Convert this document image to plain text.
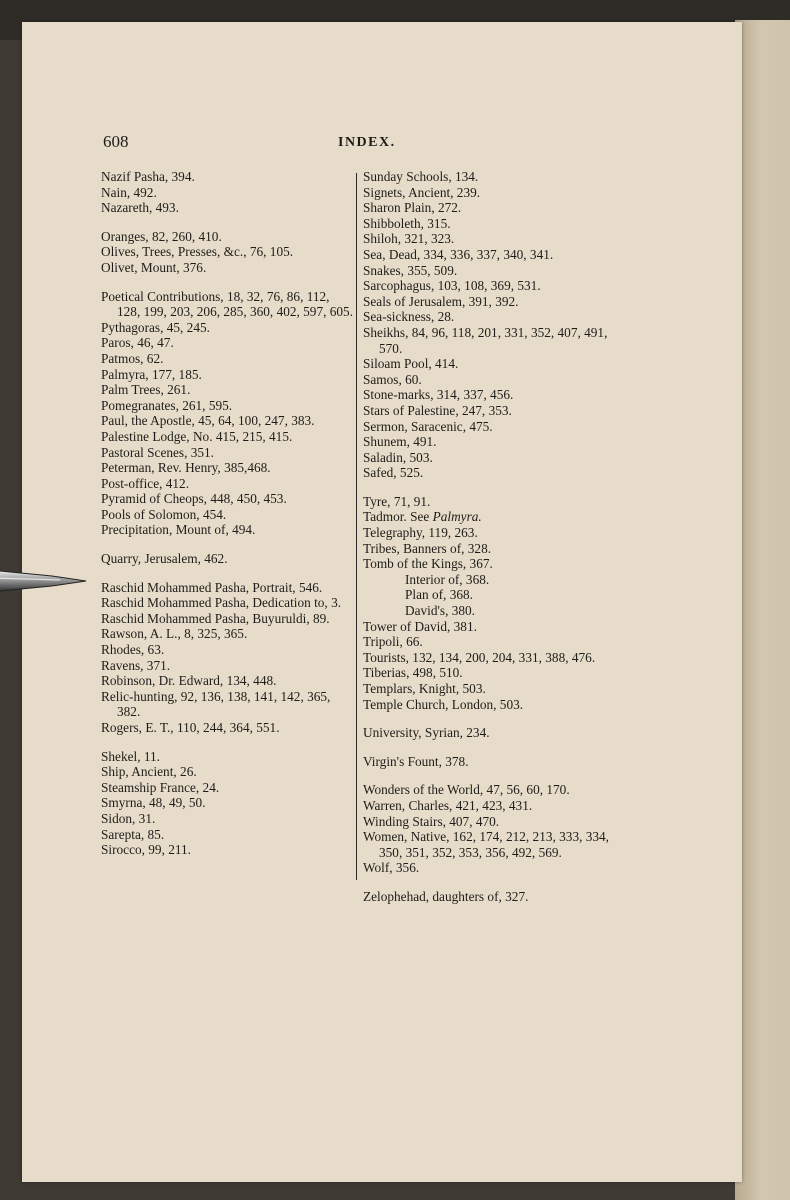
608	INDEX.
Nazif Pasha, 394.
Nain, 492.
Nazareth, 493.
Oranges, 82, 260, 410.
Olives, Trees, Presses, &c., 76, 105.
Olivet, Mount, 376.
Poetical Contributions, 18, 32, 76, 86, 112, 128, 199, 203, 206, 285, 360, 402, 597, 605.
Pythagoras, 45, 245.
Paros, 46, 47.
Patmos, 62.
Palmyra, 177, 185.
Palm Trees, 261.
Pomegranates, 261, 595.
Paul, the Apostle, 45, 64, 100, 247, 383.
Palestine Lodge, No. 415, 215, 415.
Pastoral Scenes, 351.
Peterman, Rev. Henry, 385,468.
Post-office, 412.
Pyramid of Cheops, 448, 450, 453.
Pools of Solomon, 454.
Precipitation, Mount of, 494.
Quarry, Jerusalem, 462.
Raschid Mohammed Pasha, Portrait, 546.
Raschid Mohammed Pasha, Dedication to, 3.
Raschid Mohammed Pasha, Buyuruldi, 89.
Rawson, A. L., 8, 325, 365.
Rhodes, 63.
Ravens, 371.
Robinson, Dr. Edward, 134, 448.
Relic-hunting, 92, 136, 138, 141, 142, 365, 382.
Rogers, E. T., 110, 244, 364, 551.
Shekel, 11.
Ship, Ancient, 26.
Steamship France, 24.
Smyrna, 48, 49, 50.
Sidon, 31.
Sarepta, 85.
Sirocco, 99, 211.
Sunday Schools, 134.
Signets, Ancient, 239.
Sharon Plain, 272.
Shibboleth, 315.
Shiloh, 321, 323.
Sea, Dead, 334, 336, 337, 340, 341.
Snakes, 355, 509.
Sarcophagus, 103, 108, 369, 531.
Seals of Jerusalem, 391, 392.
Sea-sickness, 28.
Sheikhs, 84, 96, 118, 201, 331, 352, 407, 491, 570.
Siloam Pool, 414.
Samos, 60.
Stone-marks, 314, 337, 456.
Stars of Palestine, 247, 353.
Sermon, Saracenic, 475.
Shunem, 491.
Saladin, 503.
Safed, 525.
Tyre, 71, 91.
Tadmor. See Palmyra.
Telegraphy, 119, 263.
Tribes, Banners of, 328.
Tomb of the Kings, 367.
Interior of, 368.
Plan of, 368.
David's, 380.
Tower of David, 381.
Tripoli, 66.
Tourists, 132, 134, 200, 204, 331, 388, 476.
Tiberias, 498, 510.
Templars, Knight, 503.
Temple Church, London, 503.
University, Syrian, 234.
Virgin's Fount, 378.
Wonders of the World, 47, 56, 60, 170.
Warren, Charles, 421, 423, 431.
Winding Stairs, 407, 470.
Women, Native, 162, 174, 212, 213, 333, 334, 350, 351, 352, 353, 356, 492, 569.
Wolf, 356.
Zelophehad, daughters of, 327.
